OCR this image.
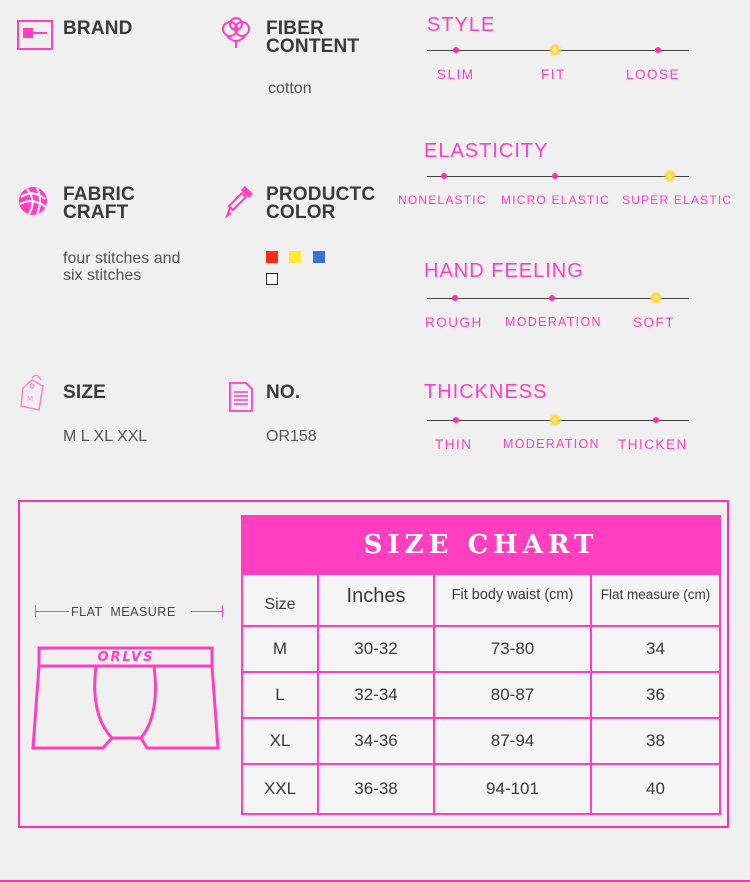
BRAND	FIBER
CONTENT
cotton
FABRIC
CRAFT
four stitches and
six stitches
PRODUCTC
COLOR
M SIZE
M L XL XXL
NO.
OR158
STYLE
SLIM	FIT	LOOSE
ELASTICITY
NONELASTIC MICRO ELASTIC SUPER ELASTIC
HAND FEELING
ROUGH MODERATION SOFT
THICKNESS
THIN MODERATION THICKEN
FLAT  MEASURE
ORLVS
SIZE CHART			
Size	Inches	Fit body waist (cm)	Flat measure (cm)
M	30-32	73-80	34
L	32-34	80-87	36
XL	34-36	87-94	38
XXL	36-38	94-101	40
